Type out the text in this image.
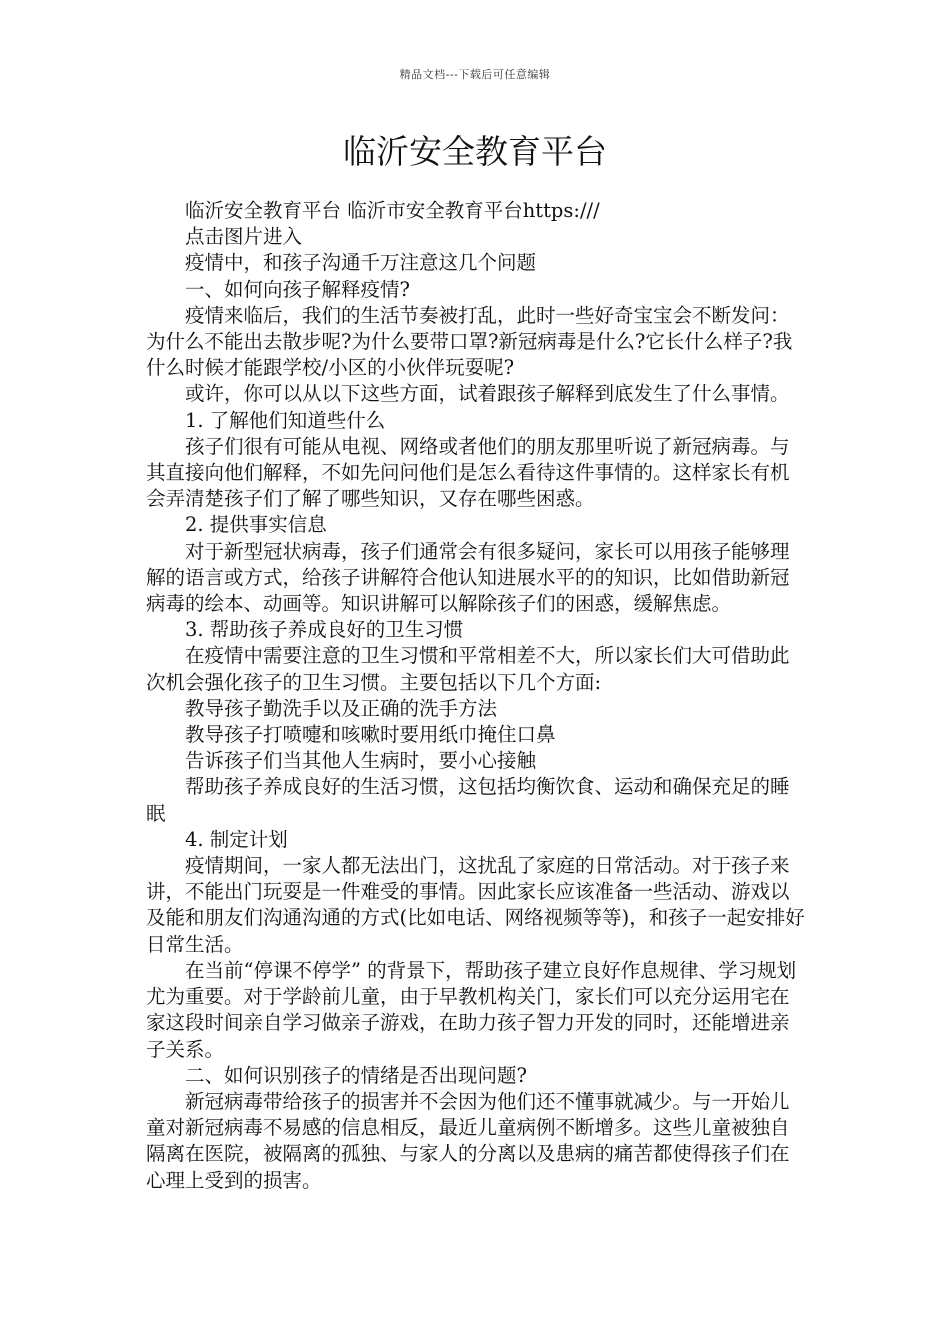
精品文档---下载后可任意编辑
临沂安全教育平台

临沂安全教育平台 临沂市安全教育平台https:///

点击图片进入

疫情中，和孩子沟通千万注意这几个问题

一、如何向孩子解释疫情?

疫情来临后，我们的生活节奏被打乱，此时一些好奇宝宝会不断发问：为什么不能出去散步呢?为什么要带口罩?新冠病毒是什么?它长什么样子?我什么时候才能跟学校/小区的小伙伴玩耍呢?

或许，你可以从以下这些方面，试着跟孩子解释到底发生了什么事情。

1. 了解他们知道些什么

孩子们很有可能从电视、网络或者他们的朋友那里听说了新冠病毒。与其直接向他们解释，不如先问问他们是怎么看待这件事情的。这样家长有机会弄清楚孩子们了解了哪些知识，又存在哪些困惑。

2. 提供事实信息

对于新型冠状病毒，孩子们通常会有很多疑问，家长可以用孩子能够理解的语言或方式，给孩子讲解符合他认知进展水平的的知识，比如借助新冠病毒的绘本、动画等。知识讲解可以解除孩子们的困惑，缓解焦虑。

3. 帮助孩子养成良好的卫生习惯

在疫情中需要注意的卫生习惯和平常相差不大，所以家长们大可借助此次机会强化孩子的卫生习惯。主要包括以下几个方面:

教导孩子勤洗手以及正确的洗手方法

教导孩子打喷嚏和咳嗽时要用纸巾掩住口鼻

告诉孩子们当其他人生病时，要小心接触

帮助孩子养成良好的生活习惯，这包括均衡饮食、运动和确保充足的睡眠

4. 制定计划

疫情期间，一家人都无法出门，这扰乱了家庭的日常活动。对于孩子来讲，不能出门玩耍是一件难受的事情。因此家长应该准备一些活动、游戏以及能和朋友们沟通沟通的方式(比如电话、网络视频等等)，和孩子一起安排好日常生活。

在当前“停课不停学” 的背景下，帮助孩子建立良好作息规律、学习规划尤为重要。对于学龄前儿童，由于早教机构关门，家长们可以充分运用宅在家这段时间亲自学习做亲子游戏，在助力孩子智力开发的同时，还能增进亲子关系。

二、如何识别孩子的情绪是否出现问题?

新冠病毒带给孩子的损害并不会因为他们还不懂事就减少。与一开始儿童对新冠病毒不易感的信息相反，最近儿童病例不断增多。这些儿童被独自隔离在医院，被隔离的孤独、与家人的分离以及患病的痛苦都使得孩子们在心理上受到的损害。
